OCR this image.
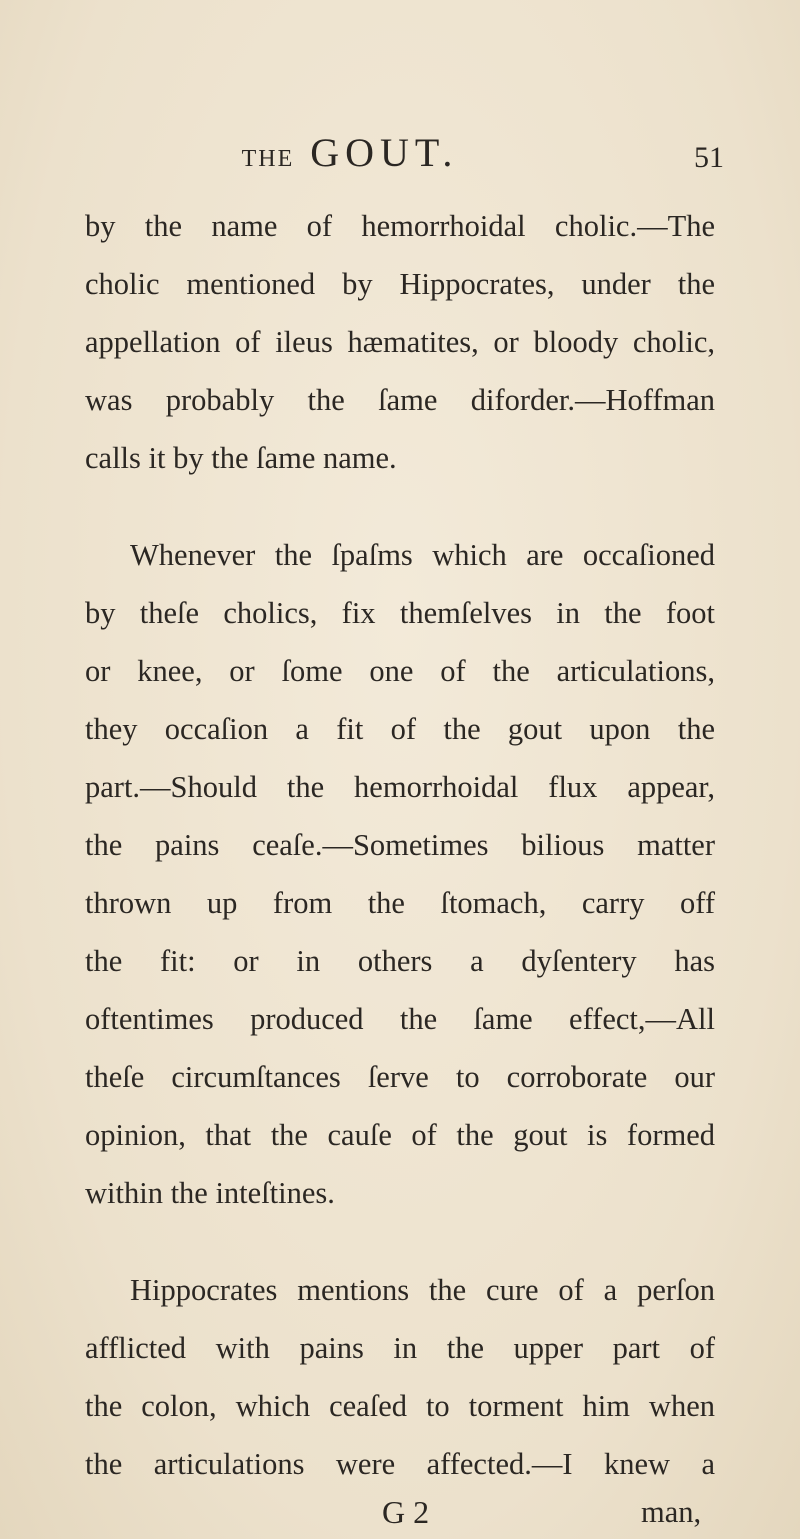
THE GOUT.	51
by the name of hemorrhoidal cholic.—The
cholic mentioned by Hippocrates, under the
appellation of ileus hæmatites, or bloody cholic,
was probably the ſame diforder.—Hoffman
calls it by the ſame name.
Whenever the ſpaſms which are occaſioned
by theſe cholics, fix themſelves in the foot
or knee, or ſome one of the articulations,
they occaſion a fit of the gout upon the
part.—Should the hemorrhoidal flux appear,
the pains ceaſe.—Sometimes bilious matter
thrown up from the ſtomach, carry off
the fit: or in others a dyſentery has
oftentimes produced the ſame effect,—All
theſe circumſtances ſerve to corroborate our
opinion, that the cauſe of the gout is formed
within the inteſtines.
Hippocrates mentions the cure of a perſon
afflicted with pains in the upper part of
the colon, which ceaſed to torment him when
the articulations were affected.—I knew a
G 2	man,
